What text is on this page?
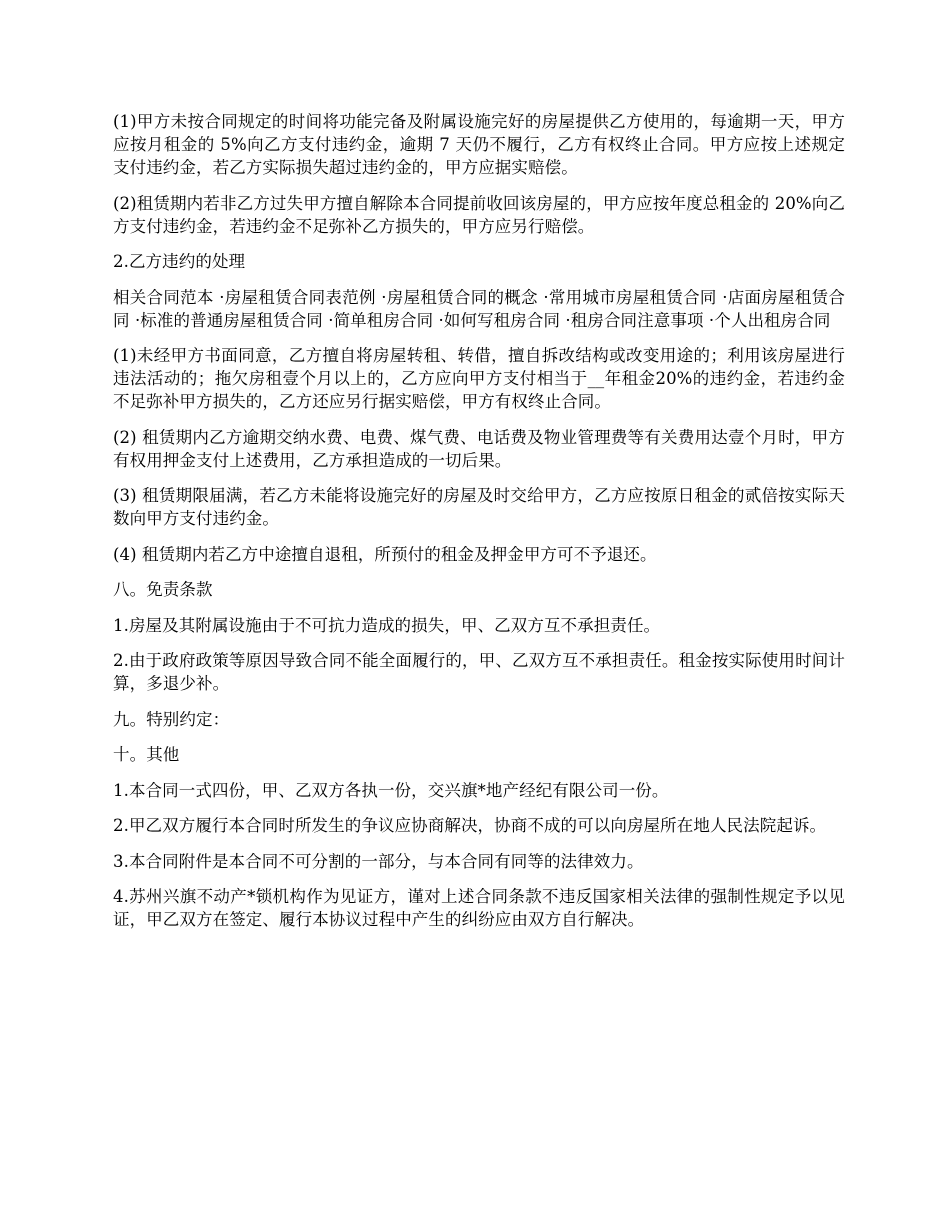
(1)甲方未按合同规定的时间将功能完备及附属设施完好的房屋提供乙方使用的，每逾期一天，甲方应按月租金的 5%向乙方支付违约金，逾期 7 天仍不履行，乙方有权终止合同。甲方应按上述规定支付违约金，若乙方实际损失超过违约金的，甲方应据实赔偿。

(2)租赁期内若非乙方过失甲方擅自解除本合同提前收回该房屋的，甲方应按年度总租金的 20%向乙方支付违约金，若违约金不足弥补乙方损失的，甲方应另行赔偿。

2.乙方违约的处理

相关合同范本 ·房屋租赁合同表范例 ·房屋租赁合同的概念 ·常用城市房屋租赁合同 ·店面房屋租赁合同 ·标准的普通房屋租赁合同 ·简单租房合同 ·如何写租房合同 ·租房合同注意事项 ·个人出租房合同

(1)未经甲方书面同意，乙方擅自将房屋转租、转借，擅自拆改结构或改变用途的；利用该房屋进行违法活动的；拖欠房租壹个月以上的，乙方应向甲方支付相当于__年租金20%的违约金，若违约金不足弥补甲方损失的，乙方还应另行据实赔偿，甲方有权终止合同。

(2) 租赁期内乙方逾期交纳水费、电费、煤气费、电话费及物业管理费等有关费用达壹个月时，甲方有权用押金支付上述费用，乙方承担造成的一切后果。

(3) 租赁期限届满，若乙方未能将设施完好的房屋及时交给甲方，乙方应按原日租金的贰倍按实际天数向甲方支付违约金。

(4) 租赁期内若乙方中途擅自退租，所预付的租金及押金甲方可不予退还。

八。免责条款

1.房屋及其附属设施由于不可抗力造成的损失，甲、乙双方互不承担责任。

2.由于政府政策等原因导致合同不能全面履行的，甲、乙双方互不承担责任。租金按实际使用时间计算，多退少补。

九。特别约定：

十。其他

1.本合同一式四份，甲、乙双方各执一份，交兴旗*地产经纪有限公司一份。

2.甲乙双方履行本合同时所发生的争议应协商解决，协商不成的可以向房屋所在地人民法院起诉。

3.本合同附件是本合同不可分割的一部分，与本合同有同等的法律效力。

4.苏州兴旗不动产*锁机构作为见证方，谨对上述合同条款不违反国家相关法律的强制性规定予以见证，甲乙双方在签定、履行本协议过程中产生的纠纷应由双方自行解决。
